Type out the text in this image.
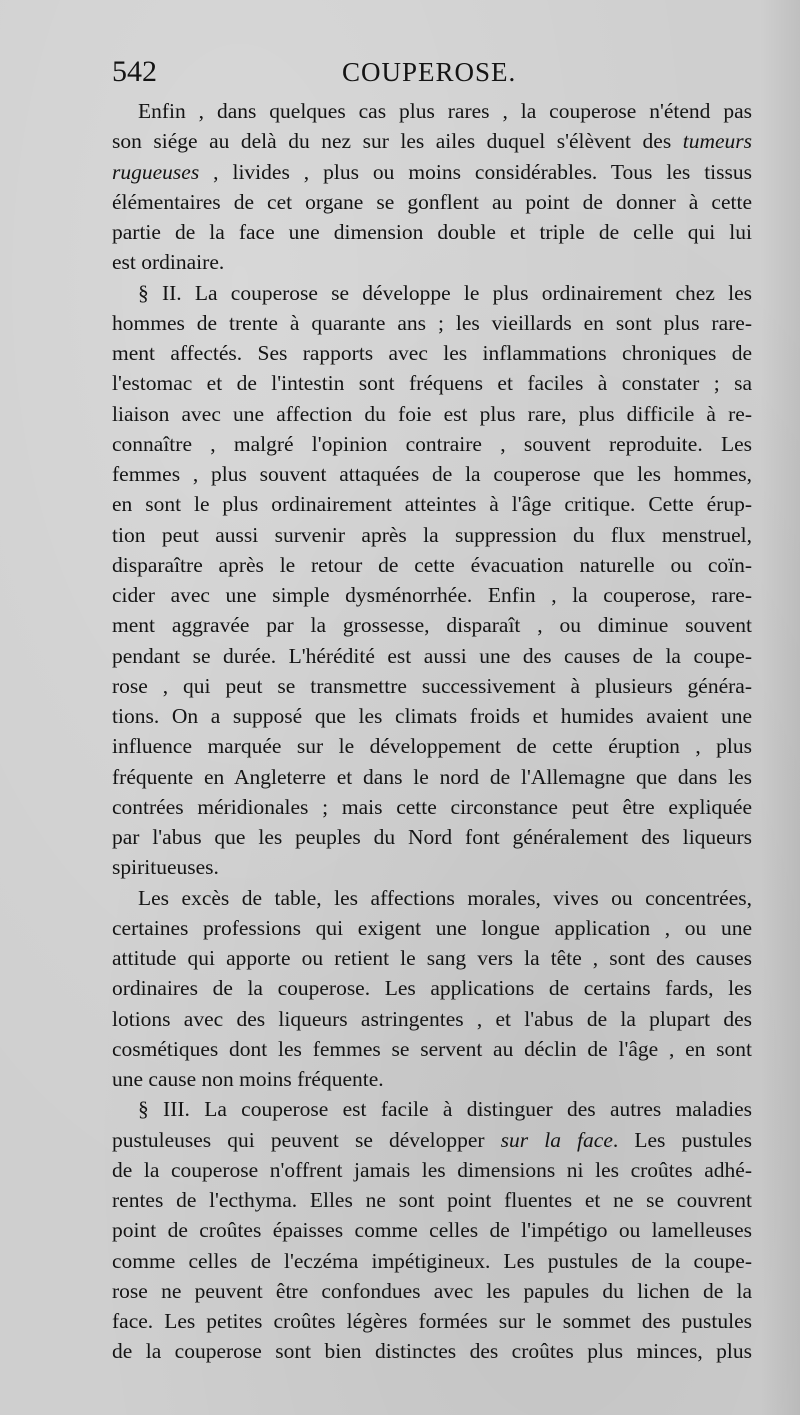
542	COUPEROSE.
Enfin , dans quelques cas plus rares , la couperose n'étend pas
son siége au delà du nez sur les ailes duquel s'élèvent des tumeurs
rugueuses , livides , plus ou moins considérables. Tous les tissus
élémentaires de cet organe se gonflent au point de donner à cette
partie de la face une dimension double et triple de celle qui lui
est ordinaire.
§ II. La couperose se développe le plus ordinairement chez les
hommes de trente à quarante ans ; les vieillards en sont plus rare-
ment affectés. Ses rapports avec les inflammations chroniques de
l'estomac et de l'intestin sont fréquens et faciles à constater ; sa
liaison avec une affection du foie est plus rare, plus difficile à re-
connaître , malgré l'opinion contraire , souvent reproduite. Les
femmes , plus souvent attaquées de la couperose que les hommes,
en sont le plus ordinairement atteintes à l'âge critique. Cette érup-
tion peut aussi survenir après la suppression du flux menstruel,
disparaître après le retour de cette évacuation naturelle ou coïn-
cider avec une simple dysménorrhée. Enfin , la couperose, rare-
ment aggravée par la grossesse, disparaît , ou diminue souvent
pendant se durée. L'hérédité est aussi une des causes de la coupe-
rose , qui peut se transmettre successivement à plusieurs généra-
tions. On a supposé que les climats froids et humides avaient une
influence marquée sur le développement de cette éruption , plus
fréquente en Angleterre et dans le nord de l'Allemagne que dans les
contrées méridionales ; mais cette circonstance peut être expliquée
par l'abus que les peuples du Nord font généralement des liqueurs
spiritueuses.
Les excès de table, les affections morales, vives ou concentrées,
certaines professions qui exigent une longue application , ou une
attitude qui apporte ou retient le sang vers la tête , sont des causes
ordinaires de la couperose. Les applications de certains fards, les
lotions avec des liqueurs astringentes , et l'abus de la plupart des
cosmétiques dont les femmes se servent au déclin de l'âge , en sont
une cause non moins fréquente.
§ III. La couperose est facile à distinguer des autres maladies
pustuleuses qui peuvent se développer sur la face. Les pustules
de la couperose n'offrent jamais les dimensions ni les croûtes adhé-
rentes de l'ecthyma. Elles ne sont point fluentes et ne se couvrent
point de croûtes épaisses comme celles de l'impétigo ou lamelleuses
comme celles de l'eczéma impétigineux. Les pustules de la coupe-
rose ne peuvent être confondues avec les papules du lichen de la
face. Les petites croûtes légères formées sur le sommet des pustules
de la couperose sont bien distinctes des croûtes plus minces, plus
